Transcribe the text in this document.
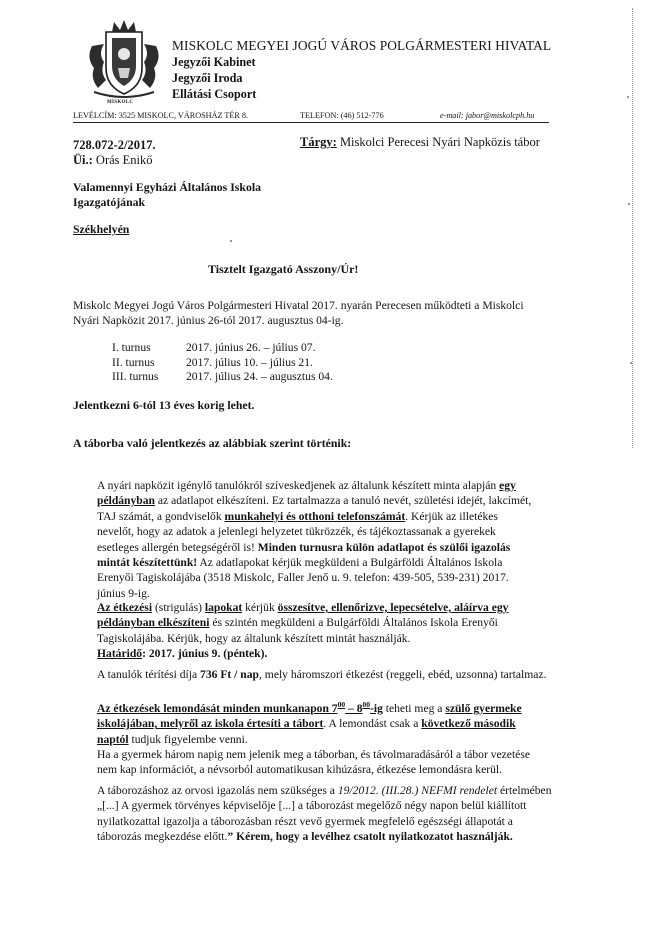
MISKOLC
MISKOLC MEGYEI JOGÚ VÁROS POLGÁRMESTERI HIVATAL
Jegyzői Kabinet
Jegyzői Iroda
Ellátási Csoport
LEVÉLCÍM: 3525 MISKOLC, VÁROSHÁZ TÉR 8.	TELEFON: (46) 512-776	e-mail: jabor@miskolcph.hu
728.072-2/2017.
Üi.: Orás Enikő
Tárgy: Miskolci Perecesi Nyári Napközis tábor
Valamennyi Egyházi Általános Iskola
Igazgatójának
Székhelyén
Tisztelt Igazgató Asszony/Úr!
Miskolc Megyei Jogú Város Polgármesteri Hivatal 2017. nyarán Perecesen működteti a Miskolci
Nyári Napközit 2017. június 26-tól 2017. augusztus 04-ig.
I. turnus	2017. június 26. – július 07.
II. turnus	2017. július 10. – július 21.
III. turnus	2017. július 24. – augusztus 04.
Jelentkezni 6-tól 13 éves korig lehet.
A táborba való jelentkezés az alábbiak szerint történik:
A nyári napközit igénylő tanulókról szíveskedjenek az általunk készített minta alapján egy
példányban az adatlapot elkészíteni. Ez tartalmazza a tanuló nevét, születési idejét, lakcímét,
TAJ számát, a gondviselők munkahelyi és otthoni telefonszámát. Kérjük az illetékes
nevelőt, hogy az adatok a jelenlegi helyzetet tükrözzék, és tájékoztassanak a gyerekek
esetleges allergén betegségéről is! Minden turnusra külön adatlapot és szülői igazolás
mintát készítettünk! Az adatlapokat kérjük megküldeni a Bulgárföldi Általános Iskola
Erenyői Tagiskolájába (3518 Miskolc, Faller Jenő u. 9. telefon: 439-505, 539-231) 2017.
június 9-ig.
Az étkezési (strigulás) lapokat kérjük összesítve, ellenőrizve, lepecsételve, aláírva egy
példányban elkészíteni és szintén megküldeni a Bulgárföldi Általános Iskola Erenyői
Tagiskolájába. Kérjük, hogy az általunk készített mintát használják.
Határidő: 2017. június 9. (péntek).
A tanulók térítési díja 736 Ft / nap, mely háromszori étkezést (reggeli, ebéd, uzsonna) tartalmaz.
Az étkezések lemondását minden munkanapon $7^{00} - 8^{00}-ig$ teheti meg a szülő gyermeke
iskolájában, melyről az iskola értesíti a tábort. A lemondást csak a következő második
naptól tudjuk figyelembe venni.
Ha a gyermek három napig nem jelenik meg a táborban, és távolmaradásáról a tábor vezetése
nem kap információt, a névsorból automatikusan kihúzásra, étkezése lemondásra kerül.
A táborozáshoz az orvosi igazolás nem szükséges a 19/2012. (III.28.) NEFMI rendelet értelmében
„[...] A gyermek törvényes képviselője [...] a táborozást megelőző négy napon belül kiállított
nyilatkozattal igazolja a táborozásban részt vevő gyermek megfelelő egészségi állapotát a
táborozás megkezdése előtt.” Kérem, hogy a levélhez csatolt nyilatkozatot használják.
